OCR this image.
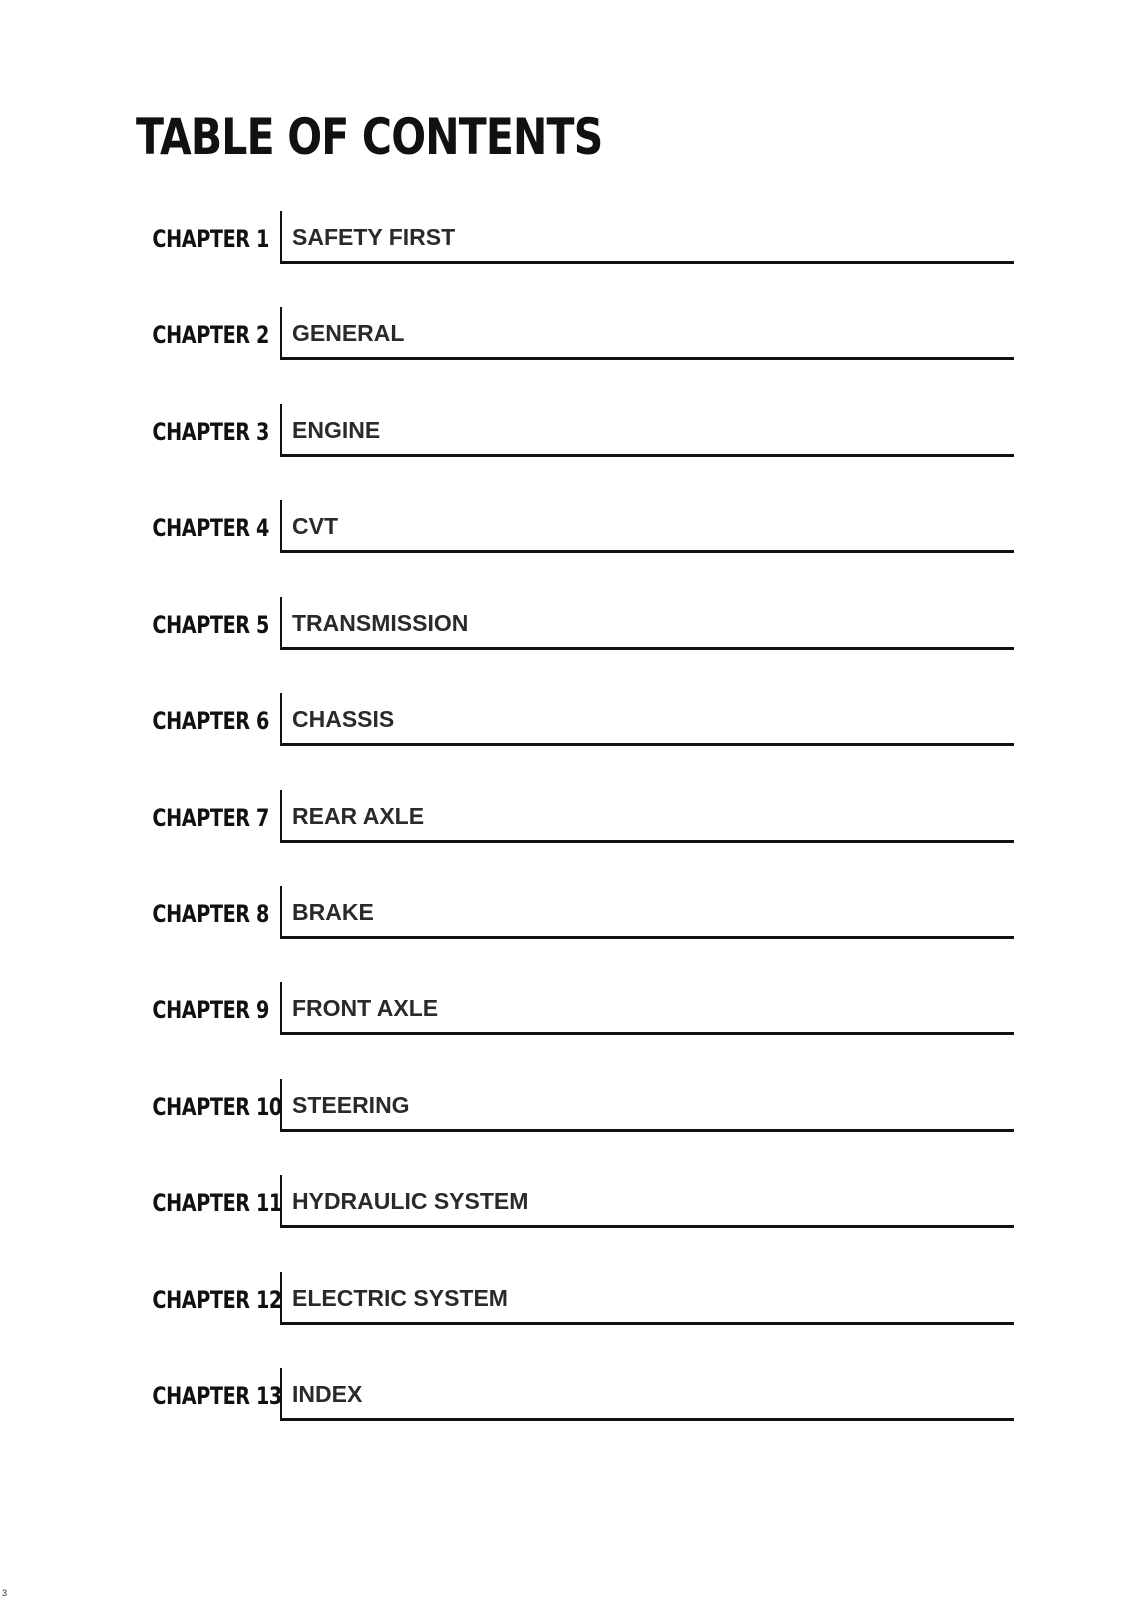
TABLE OF CONTENTS
CHAPTER 1 SAFETY FIRST
CHAPTER 2 GENERAL
CHAPTER 3 ENGINE
CHAPTER 4 CVT
CHAPTER 5 TRANSMISSION
CHAPTER 6 CHASSIS
CHAPTER 7 REAR AXLE
CHAPTER 8 BRAKE
CHAPTER 9 FRONT AXLE
CHAPTER 10 STEERING
CHAPTER 11 HYDRAULIC SYSTEM
CHAPTER 12 ELECTRIC SYSTEM
CHAPTER 13 INDEX
3
